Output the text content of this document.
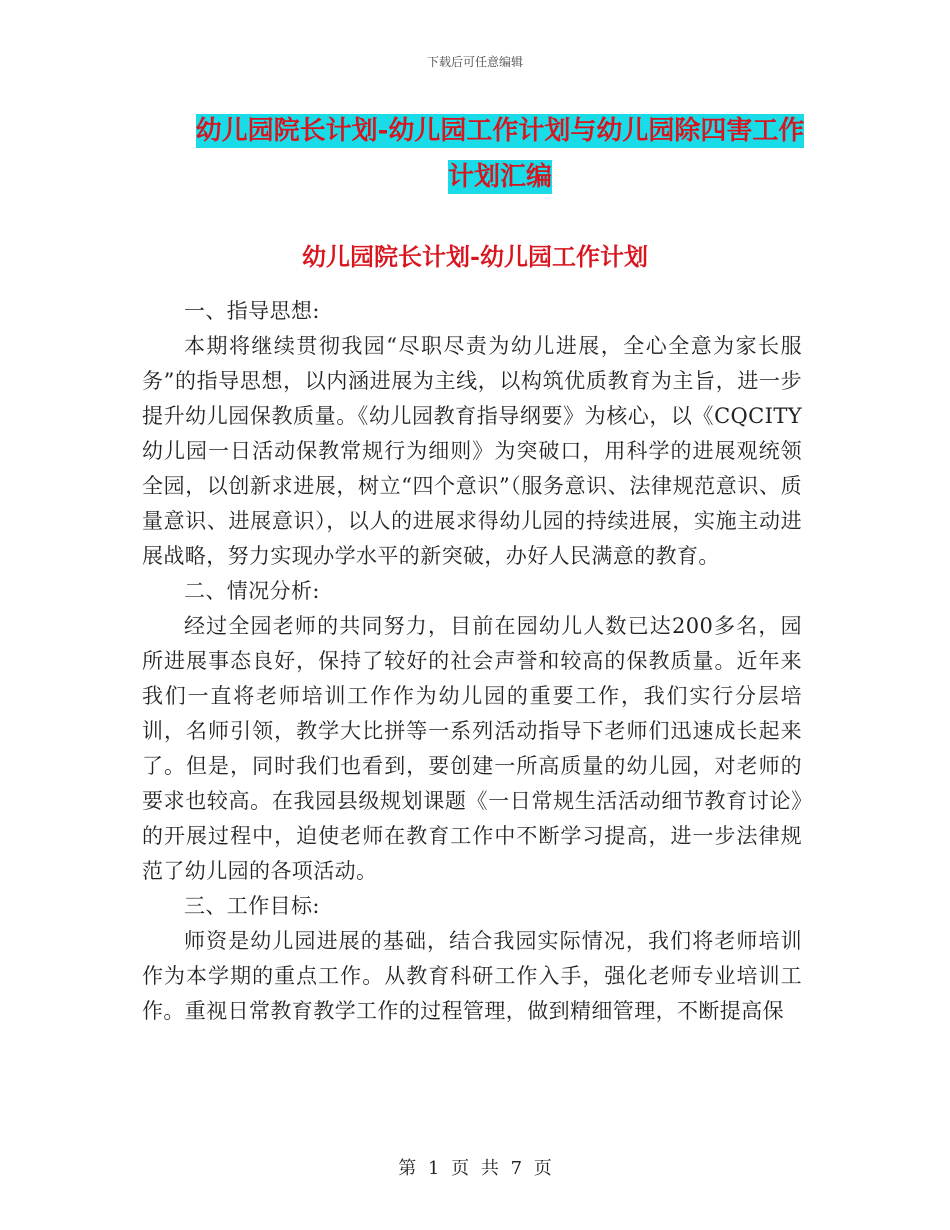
下载后可任意编辑
幼儿园院长计划-幼儿园工作计划与幼儿园除四害工作
计划汇编
幼儿园院长计划-幼儿园工作计划

一、指导思想:

本期将继续贯彻我园“尽职尽责为幼儿进展，全心全意为家长服务”的指导思想，以内涵进展为主线，以构筑优质教育为主旨，进一步提升幼儿园保教质量。《幼儿园教育指导纲要》为核心，以《CQCITY幼儿园一日活动保教常规行为细则》为突破口，用科学的进展观统领全园，以创新求进展，树立“四个意识”（服务意识、法律规范意识、质量意识、进展意识），以人的进展求得幼儿园的持续进展，实施主动进展战略，努力实现办学水平的新突破，办好人民满意的教育。

二、情况分析:

经过全园老师的共同努力，目前在园幼儿人数已达200多名，园所进展事态良好，保持了较好的社会声誉和较高的保教质量。近年来我们一直将老师培训工作作为幼儿园的重要工作，我们实行分层培训，名师引领，教学大比拼等一系列活动指导下老师们迅速成长起来了。但是，同时我们也看到，要创建一所高质量的幼儿园，对老师的要求也较高。在我园县级规划课题《一日常规生活活动细节教育讨论》的开展过程中，迫使老师在教育工作中不断学习提高，进一步法律规范了幼儿园的各项活动。

三、工作目标:

师资是幼儿园进展的基础，结合我园实际情况，我们将老师培训作为本学期的重点工作。从教育科研工作入手，强化老师专业培训工作。重视日常教育教学工作的过程管理，做到精细管理，不断提高保

第 1 页 共 7 页
